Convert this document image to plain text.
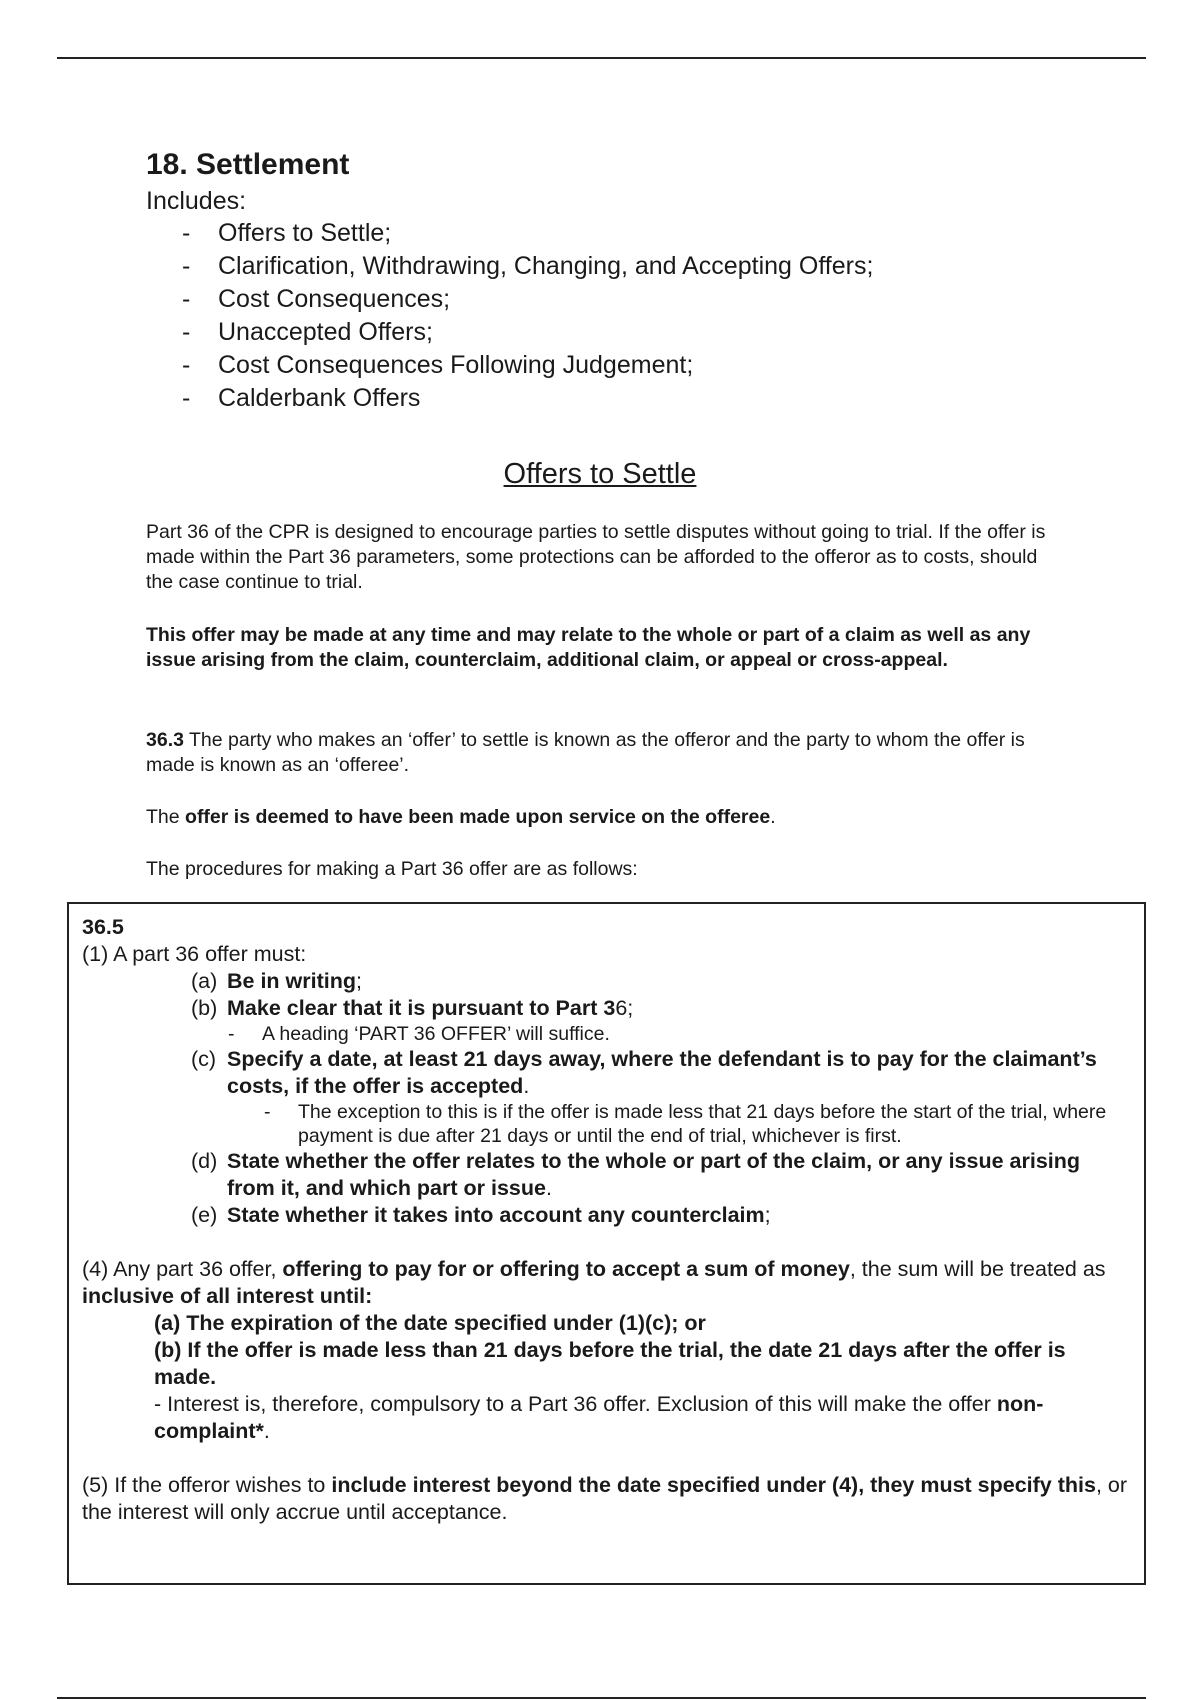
18. Settlement

Includes:

- Offers to Settle;
- Clarification, Withdrawing, Changing, and Accepting Offers;
- Cost Consequences;
- Unaccepted Offers;
- Cost Consequences Following Judgement;
- Calderbank Offers
Offers to Settle

Part 36 of the CPR is designed to encourage parties to settle disputes without going to trial. If the offer is made within the Part 36 parameters, some protections can be afforded to the offeror as to costs, should the case continue to trial.

This offer may be made at any time and may relate to the whole or part of a claim as well as any issue arising from the claim, counterclaim, additional claim, or appeal or cross-appeal.

36.3 The party who makes an ‘offer’ to settle is known as the offeror and the party to whom the offer is made is known as an ‘offeree’.

The offer is deemed to have been made upon service on the offeree.

The procedures for making a Part 36 offer are as follows:

36.5

(1) A part 36 offer must:

(a) Be in writing;

(b) Make clear that it is pursuant to Part 36;

- A heading ‘PART 36 OFFER’ will suffice.

(c) Specify a date, at least 21 days away, where the defendant is to pay for the claimant’s costs, if the offer is accepted.

- The exception to this is if the offer is made less that 21 days before the start of the trial, where payment is due after 21 days or until the end of trial, whichever is first.

(d) State whether the offer relates to the whole or part of the claim, or any issue arising from it, and which part or issue.

(e) State whether it takes into account any counterclaim;

(4) Any part 36 offer, offering to pay for or offering to accept a sum of money, the sum will be treated as inclusive of all interest until:

(a) The expiration of the date specified under (1)(c); or

(b) If the offer is made less than 21 days before the trial, the date 21 days after the offer is made.

- Interest is, therefore, compulsory to a Part 36 offer. Exclusion of this will make the offer non-complaint*.

(5) If the offeror wishes to include interest beyond the date specified under (4), they must specify this, or the interest will only accrue until acceptance.
